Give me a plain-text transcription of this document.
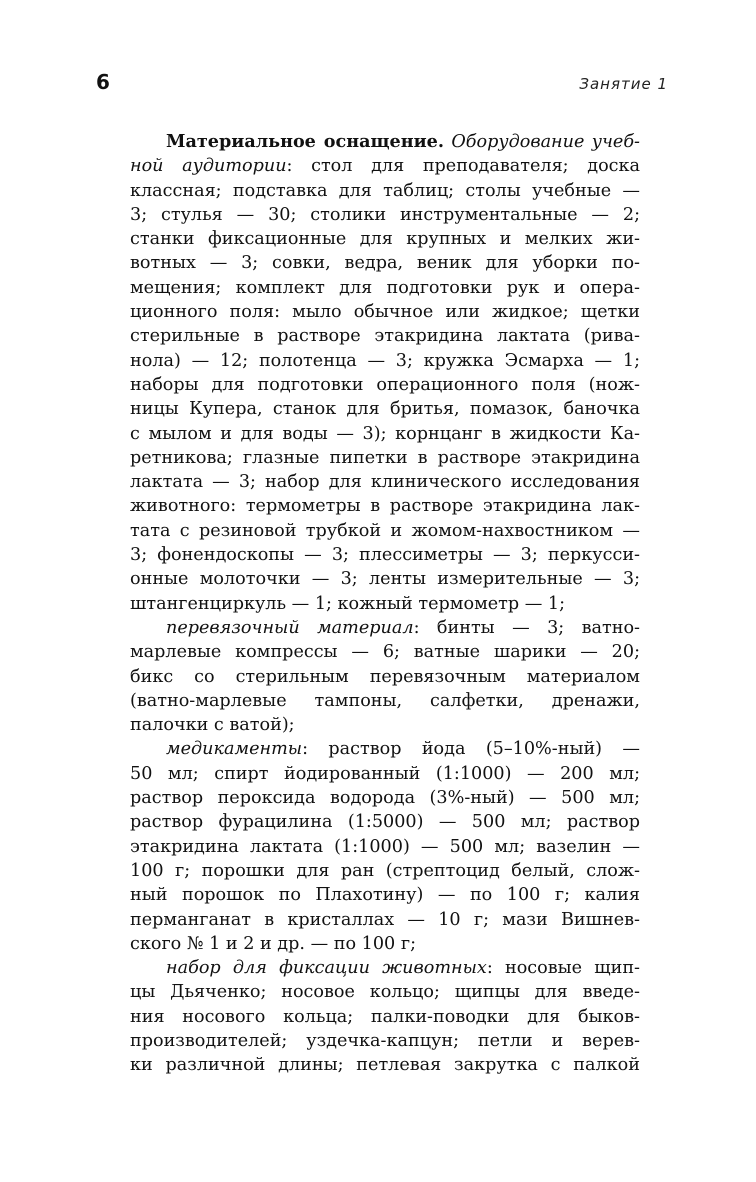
6	Занятие 1
Материальное оснащение. Оборудование учеб-
ной аудитории: стол для преподавателя; доска
классная; подставка для таблиц; столы учебные —
3; стулья — 30; столики инструментальные — 2;
станки фиксационные для крупных и мелких жи-
вотных — 3; совки, ведра, веник для уборки по-
мещения; комплект для подготовки рук и опера-
ционного поля: мыло обычное или жидкое; щетки
стерильные в растворе этакридина лактата (рива-
нола) — 12; полотенца — 3; кружка Эсмарха — 1;
наборы для подготовки операционного поля (нож-
ницы Купера, станок для бритья, помазок, баночка
с мылом и для воды — 3); корнцанг в жидкости Ка-
ретникова; глазные пипетки в растворе этакридина
лактата — 3; набор для клинического исследования
животного: термометры в растворе этакридина лак-
тата с резиновой трубкой и жомом-нахвостником —
3; фонендоскопы — 3; плессиметры — 3; перкусси-
онные молоточки — 3; ленты измерительные — 3;
штангенциркуль — 1; кожный термометр — 1;
перевязочный материал: бинты — 3; ватно-
марлевые компрессы — 6; ватные шарики — 20;
бикс со стерильным перевязочным материалом
(ватно-марлевые тампоны, салфетки, дренажи,
палочки с ватой);
медикаменты: раствор йода (5–10%-ный) —
50 мл; спирт йодированный (1:1000) — 200 мл;
раствор пероксида водорода (3%-ный) — 500 мл;
раствор фурацилина (1:5000) — 500 мл; раствор
этакридина лактата (1:1000) — 500 мл; вазелин —
100 г; порошки для ран (стрептоцид белый, слож-
ный порошок по Плахотину) — по 100 г; калия
перманганат в кристаллах — 10 г; мази Вишнев-
ского № 1 и 2 и др. — по 100 г;
набор для фиксации животных: носовые щип-
цы Дьяченко; носовое кольцо; щипцы для введе-
ния носового кольца; палки-поводки для быков-
производителей; уздечка-капцун; петли и верев-
ки различной длины; петлевая закрутка с палкой
